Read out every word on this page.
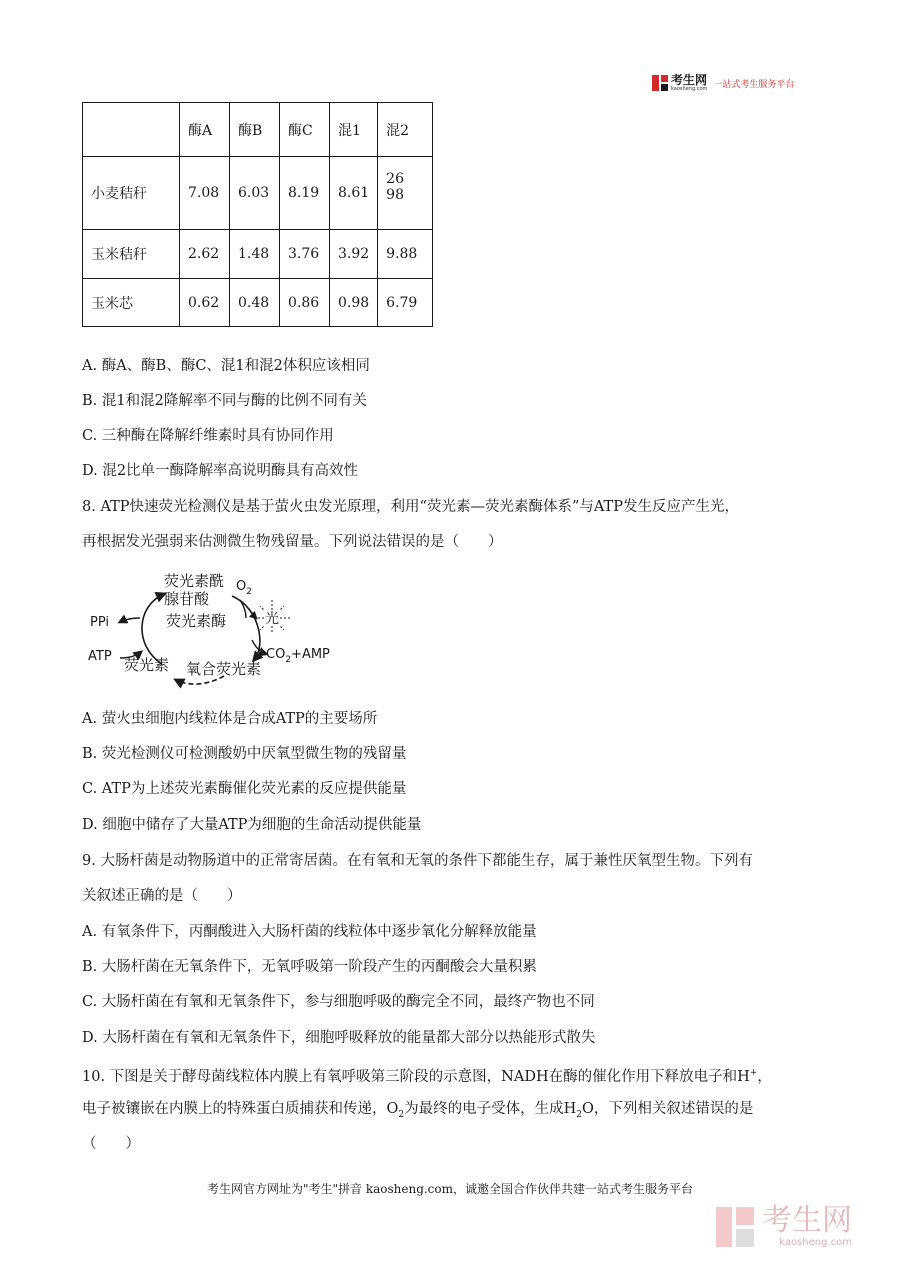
考生网
kaosheng.com 一站式考生服务平台
	酶A	酶B	酶C	混1	混2
小麦秸秆	7.08	6.03	8.19	8.61	26 98
玉米秸秆	2.62	1.48	3.76	3.92	9.88
玉米芯	0.62	0.48	0.86	0.98	6.79
A. 酶A、酶B、酶C、混1和混2体积应该相同
B. 混1和混2降解率不同与酶的比例不同有关
C. 三种酶在降解纤维素时具有协同作用
D. 混2比单一酶降解率高说明酶具有高效性
8. ATP快速荧光检测仪是基于萤火虫发光原理，利用“荧光素—荧光素酶体系”与ATP发生反应产生光，
再根据发光强弱来估测微生物残留量。下列说法错误的是（　　）
荧光素酰
腺苷酸
荧光素酶
$O_2$
光
PPi
ATP 荧光素 氧合荧光素
$CO_2+AMP$
A. 萤火虫细胞内线粒体是合成ATP的主要场所
B. 荧光检测仪可检测酸奶中厌氧型微生物的残留量
C. ATP为上述荧光素酶催化荧光素的反应提供能量
D. 细胞中储存了大量ATP为细胞的生命活动提供能量
9. 大肠杆菌是动物肠道中的正常寄居菌。在有氧和无氧的条件下都能生存，属于兼性厌氧型生物。下列有
关叙述正确的是（　　）
A. 有氧条件下，丙酮酸进入大肠杆菌的线粒体中逐步氧化分解释放能量
B. 大肠杆菌在无氧条件下，无氧呼吸第一阶段产生的丙酮酸会大量积累
C. 大肠杆菌在有氧和无氧条件下，参与细胞呼吸的酶完全不同，最终产物也不同
D. 大肠杆菌在有氧和无氧条件下，细胞呼吸释放的能量都大部分以热能形式散失
10. 下图是关于酵母菌线粒体内膜上有氧呼吸第三阶段的示意图，NADH在酶的催化作用下释放电子和H+，
电子被镶嵌在内膜上的特殊蛋白质捕获和传递，$O_2$为最终的电子受体，生成$H_2O$，下列相关叙述错误的是
（　　）
考生网官方网址为"考生"拼音 kaosheng.com，诚邀全国合作伙伴共建一站式考生服务平台
考生网
kaosheng.com
